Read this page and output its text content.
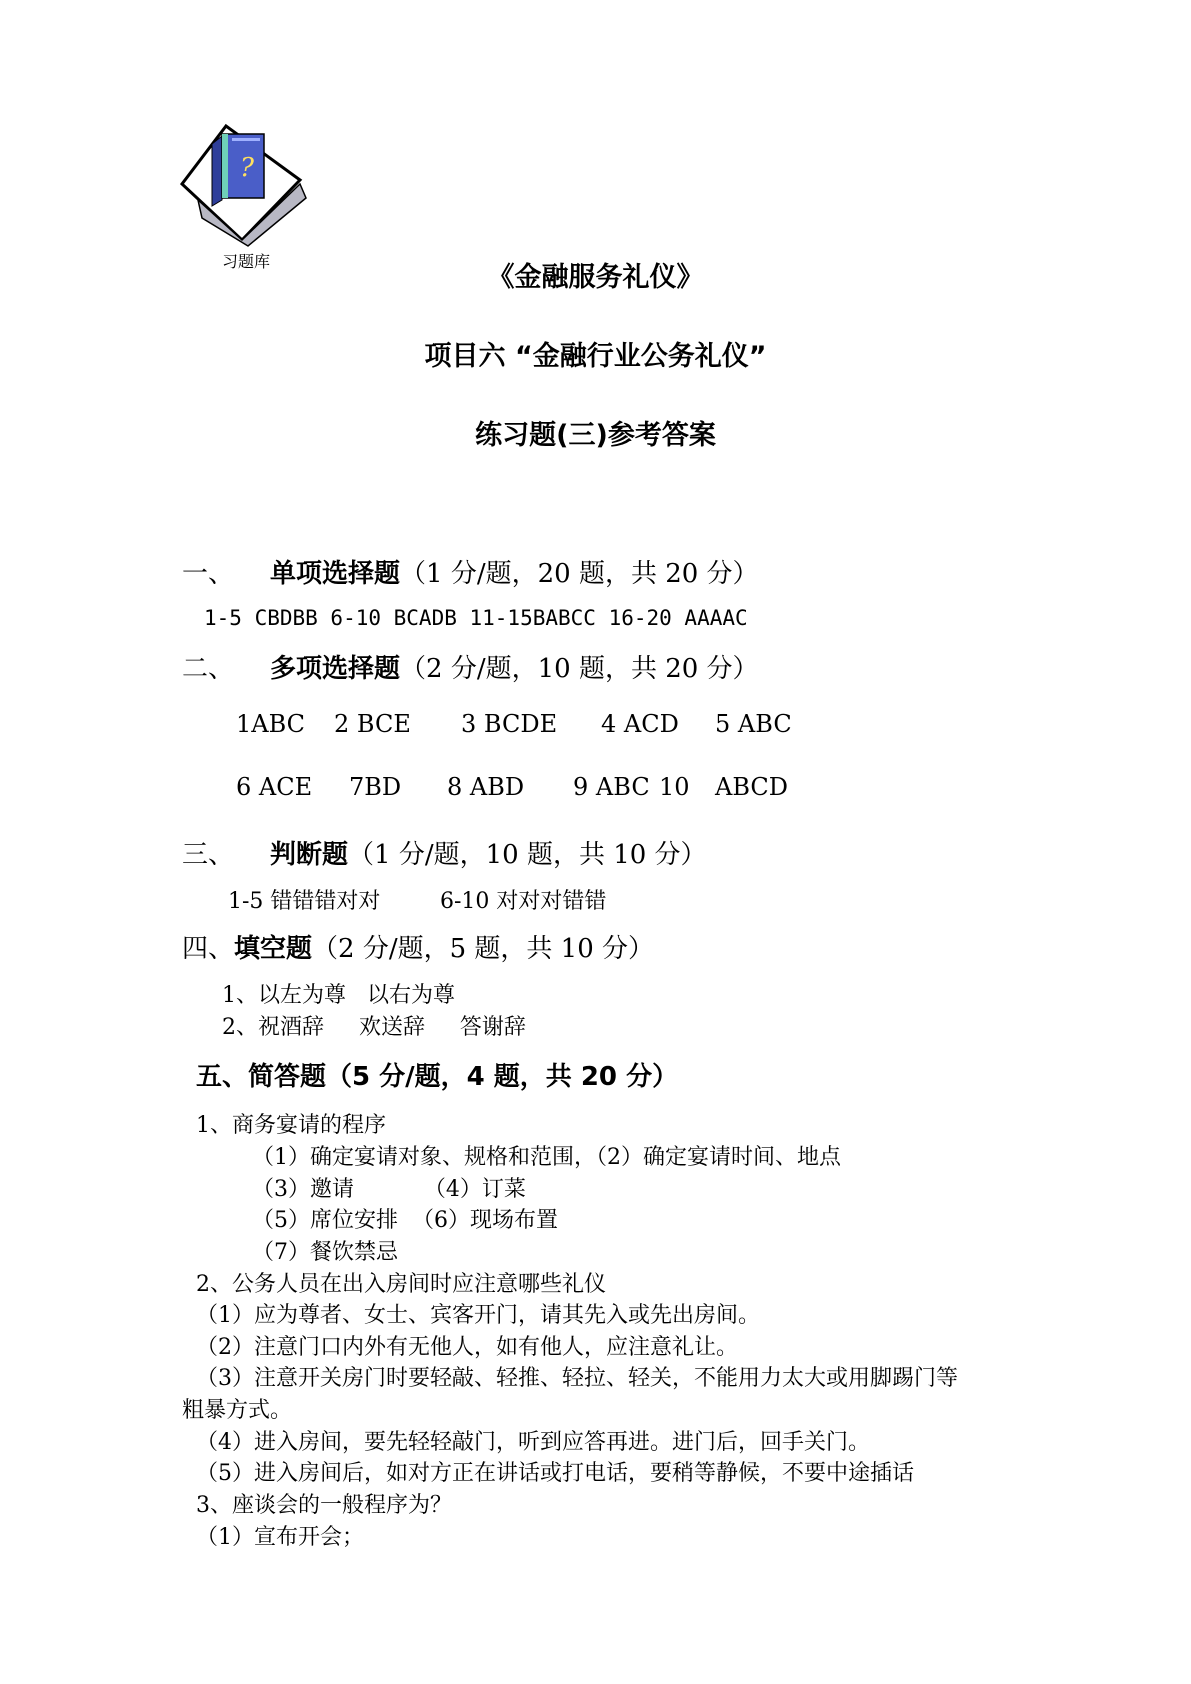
?
习题库
《金融服务礼仪》
项目六 “金融行业公务礼仪”
练习题(三)参考答案
一、 单项选择题（1 分/题，20 题，共 20 分）
1-5 CBDBB 6-10 BCADB 11-15BABCC 16-20 AAAAC
二、 多项选择题（2 分/题，10 题，共 20 分）
1ABC 2 BCE 3 BCDE 4 ACD 5 ABC
6 ACE 7BD 8 ABD 9 ABC 10 ABCD
三、 判断题（1 分/题，10 题，共 10 分）
1-5 错错错对对	6-10 对对对错错
四、填空题（2 分/题，5 题，共 10 分）
1、以左为尊   以右为尊
2、祝酒辞     欢送辞     答谢辞
五、简答题（5 分/题，4 题，共 20 分）
1、商务宴请的程序
（1）确定宴请对象、规格和范围，（2）确定宴请时间、地点
（3）邀请          （4）订菜
（5）席位安排  （6）现场布置
（7）餐饮禁忌
2、公务人员在出入房间时应注意哪些礼仪
（1）应为尊者、女士、宾客开门，请其先入或先出房间。
（2）注意门口内外有无他人，如有他人，应注意礼让。
（3）注意开关房门时要轻敲、轻推、轻拉、轻关，不能用力太大或用脚踢门等
粗暴方式。
（4）进入房间，要先轻轻敲门，听到应答再进。进门后，回手关门。
（5）进入房间后，如对方正在讲话或打电话，要稍等静候，不要中途插话
3、座谈会的一般程序为？
（1）宣布开会；
